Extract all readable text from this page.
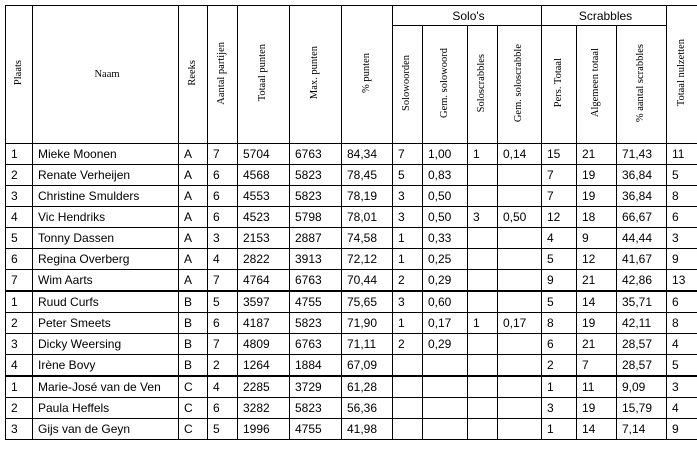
Plaats	Naam	Reeks	Aantal partijen	Totaal punten	Max. punten	% punten	Solo's				Scrabbles			Totaal nulzetten
							Solowoorden	Gem. solowoord	Soloscrabbles	Gem. soloscrabble	Pers. Totaal	Algemeen totaal	% aantal scrabbles	
1	Mieke Moonen	A	7	5704	6763	84,34	7	1,00	1	0,14	15	21	71,43	11
2	Renate Verheijen	A	6	4568	5823	78,45	5	0,83			7	19	36,84	5
3	Christine Smulders	A	6	4553	5823	78,19	3	0,50			7	19	36,84	8
4	Vic Hendriks	A	6	4523	5798	78,01	3	0,50	3	0,50	12	18	66,67	6
5	Tonny Dassen	A	3	2153	2887	74,58	1	0,33			4	9	44,44	3
6	Regina Overberg	A	4	2822	3913	72,12	1	0,25			5	12	41,67	9
7	Wim Aarts	A	7	4764	6763	70,44	2	0,29			9	21	42,86	13
1	Ruud Curfs	B	5	3597	4755	75,65	3	0,60			5	14	35,71	6
2	Peter Smeets	B	6	4187	5823	71,90	1	0,17	1	0,17	8	19	42,11	8
3	Dicky Weersing	B	7	4809	6763	71,11	2	0,29			6	21	28,57	4
4	Irène Bovy	B	2	1264	1884	67,09					2	7	28,57	5
1	Marie-José van de Ven	C	4	2285	3729	61,28					1	11	9,09	3
2	Paula Heffels	C	6	3282	5823	56,36					3	19	15,79	4
3	Gijs van de Geyn	C	5	1996	4755	41,98					1	14	7,14	9
